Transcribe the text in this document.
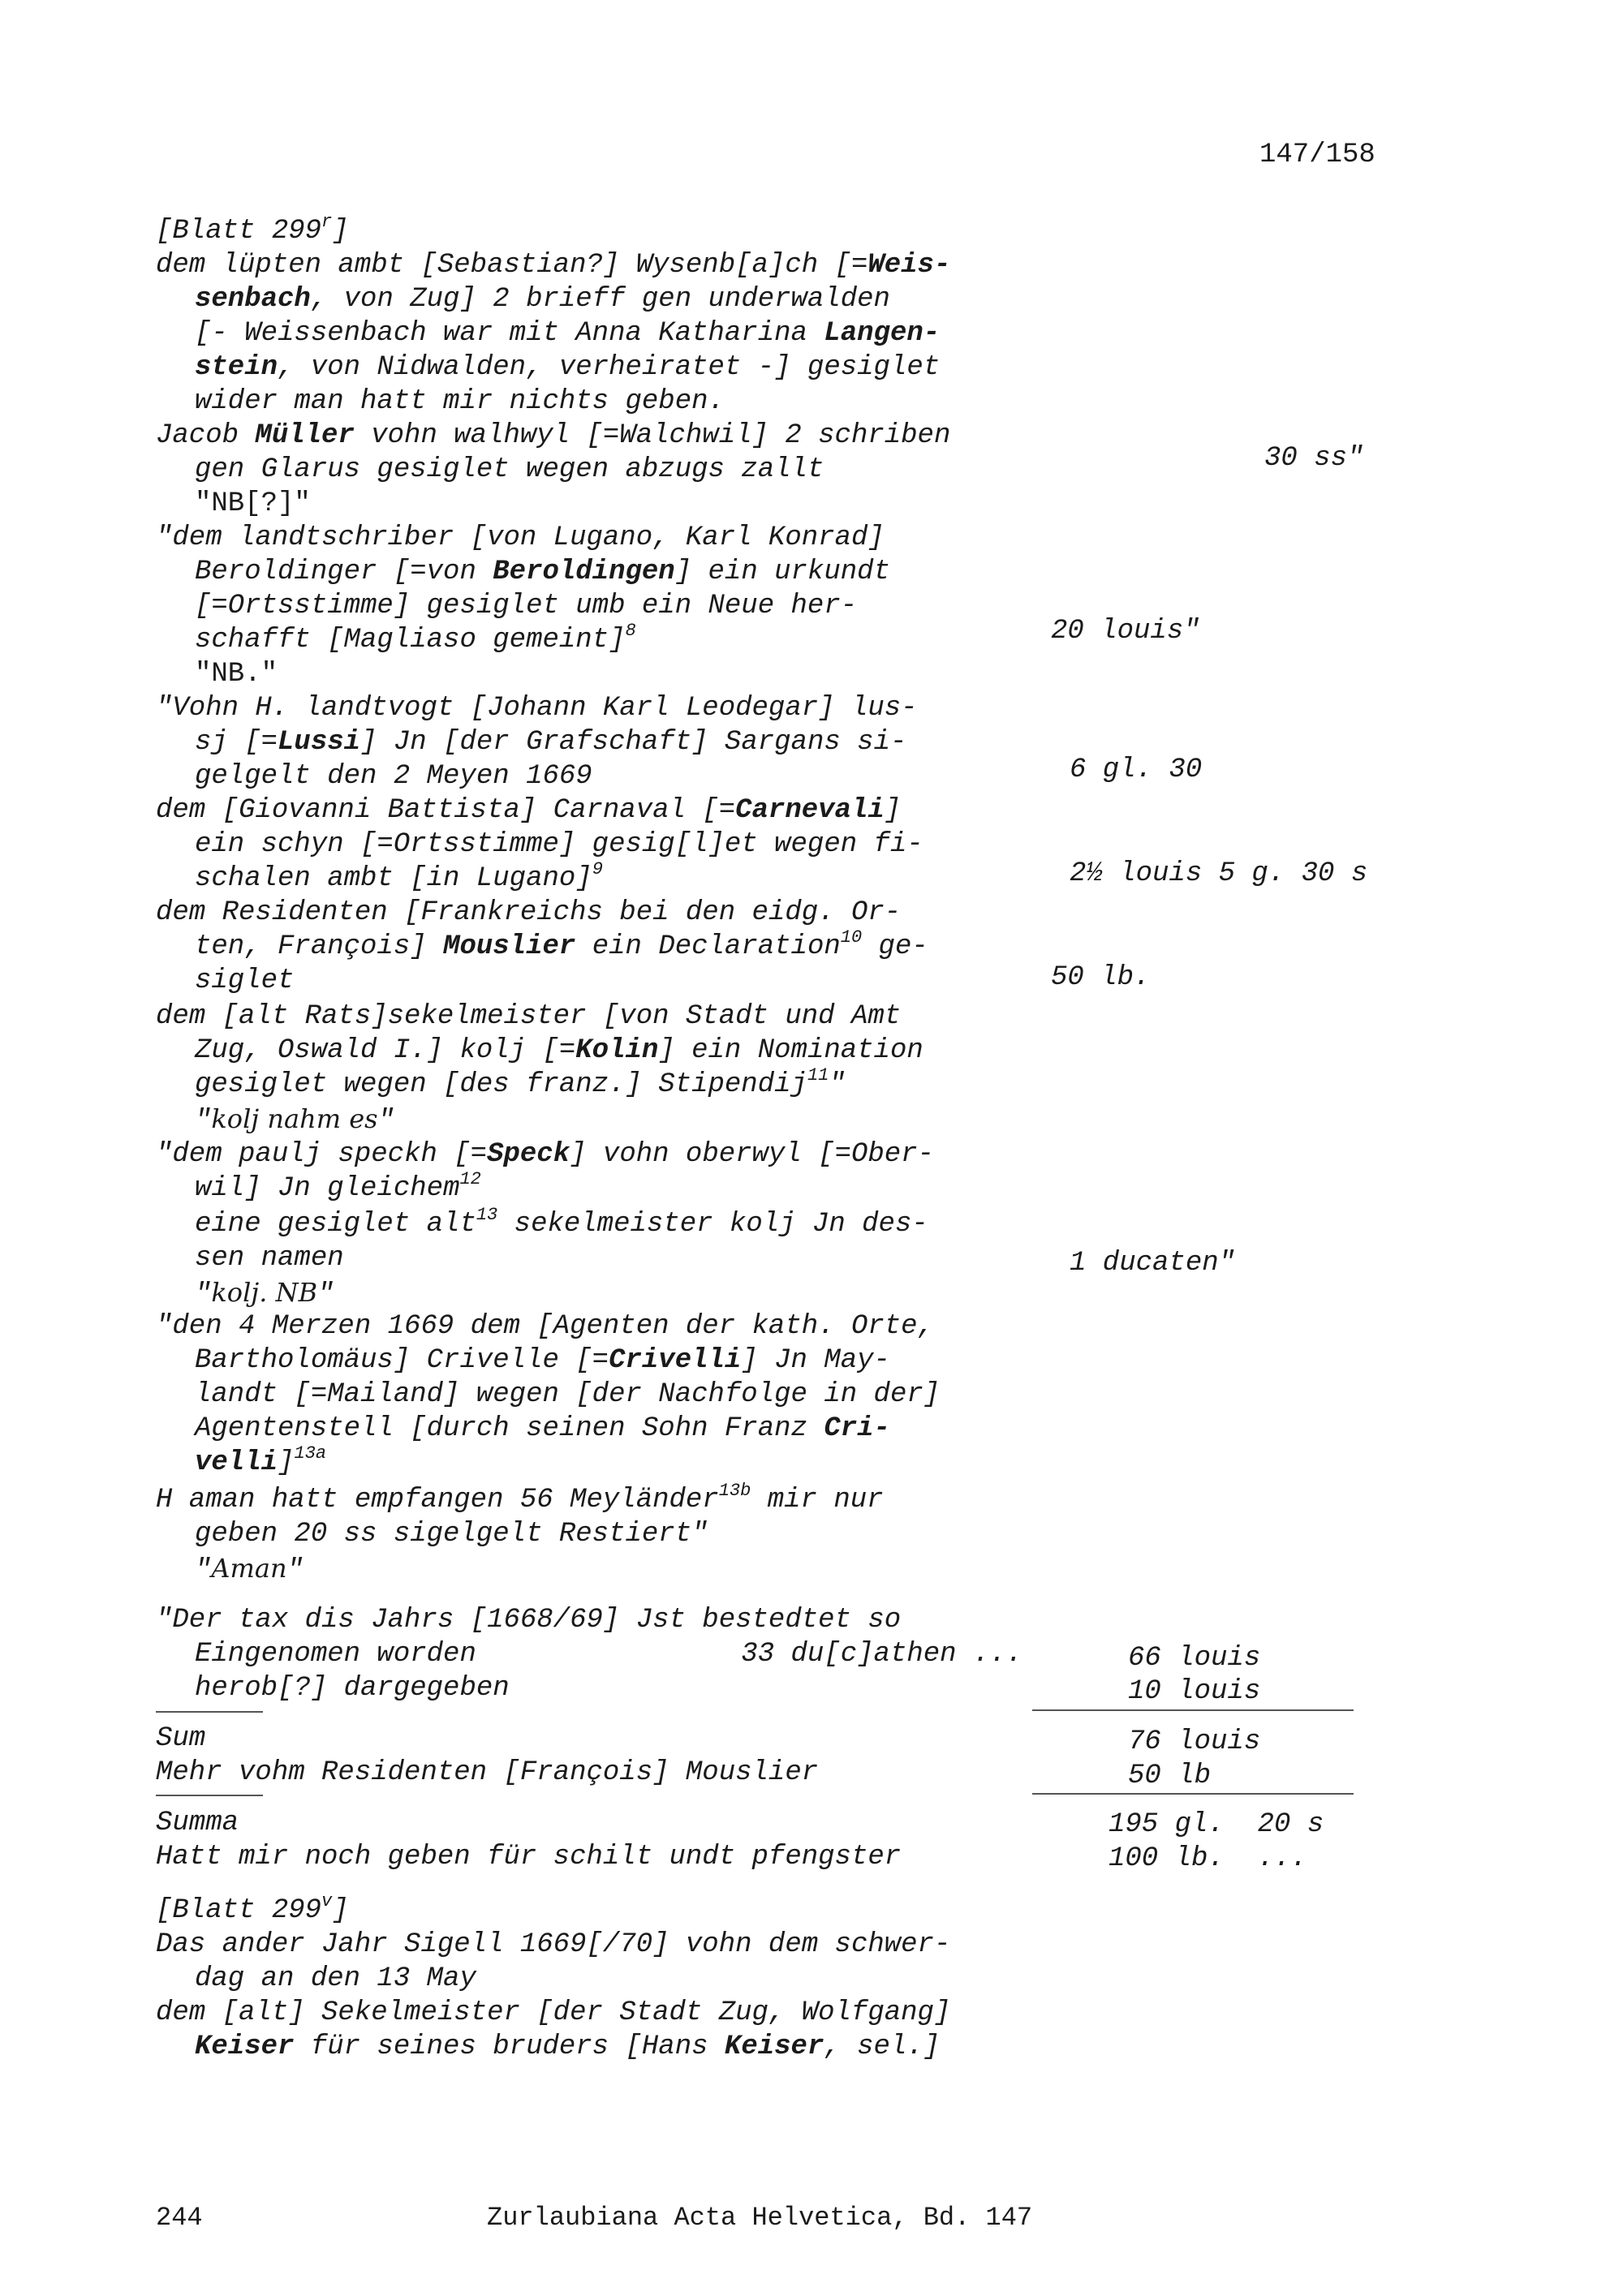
147/158
[Blatt 299$^r$]
dem lüpten ambt [Sebastian?] Wysenb[a]ch [=Weis-
senbach, von Zug] 2 brieff gen underwalden
[- Weissenbach war mit Anna Katharina Langen-
stein, von Nidwalden, verheiratet -] gesiglet
wider man hatt mir nichts geben.
Jacob Müller vohn walhwyl [=Walchwil] 2 schriben
gen Glarus gesiglet wegen abzugs zallt
"NB[?]"
"dem landtschriber [von Lugano, Karl Konrad]
Beroldinger [=von Beroldingen] ein urkundt
[=Ortsstimme] gesiglet umb ein Neue her-
schafft [Magliaso gemeint]$^8$
"NB."
"Vohn H. landtvogt [Johann Karl Leodegar] lus-
sj [=Lussi] Jn [der Grafschaft] Sargans si-
gelgelt den 2 Meyen 1669
dem [Giovanni Battista] Carnaval [=Carnevali]
ein schyn [=Ortsstimme] gesig[l]et wegen fi-
schalen ambt [in Lugano]$^9$
dem Residenten [Frankreichs bei den eidg. Or-
ten, François] Mouslier ein Declaration$^{10}$ ge-
siglet
dem [alt Rats]sekelmeister [von Stadt und Amt
Zug, Oswald I.] kolj [=Kolin] ein Nomination
gesiglet wegen [des franz.] Stipendij$^{11}$"
"kolj nahm es"
"dem paulj speckh [=Speck] vohn oberwyl [=Ober-
wil] Jn gleichem$^{12}$
eine gesiglet alt$^{13}$ sekelmeister kolj Jn des-
sen namen
"kolj. NB"
"den 4 Merzen 1669 dem [Agenten der kath. Orte,
Bartholomäus] Crivelle [=Crivelli] Jn May-
landt [=Mailand] wegen [der Nachfolge in der]
Agentenstell [durch seinen Sohn Franz Cri-
velli]$^{13a}$
H aman hatt empfangen 56 Meyländer$^{13b}$ mir nur
geben 20 ss sigelgelt Restiert"
"Aman"
"Der tax dis Jahrs [1668/69] Jst bestedtet so
Eingenomen worden                33 du[c]athen ...
herob[?] dargegeben
Sum
Mehr vohm Residenten [François] Mouslier
Summa
Hatt mir noch geben für schilt undt pfengster
[Blatt 299$^v$]
Das ander Jahr Sigell 1669[/70] vohn dem schwer-
dag an den 13 May
dem [alt] Sekelmeister [der Stadt Zug, Wolfgang]
Keiser für seines bruders [Hans Keiser, sel.]
30 ss"
20 louis"
6 gl. 30
2½ louis 5 g. 30 s
50 lb.
1 ducaten"
66 louis
10 louis
76 louis
50 lb
195 gl.  20 s
100 lb.  ...
244	Zurlaubiana Acta Helvetica, Bd. 147
